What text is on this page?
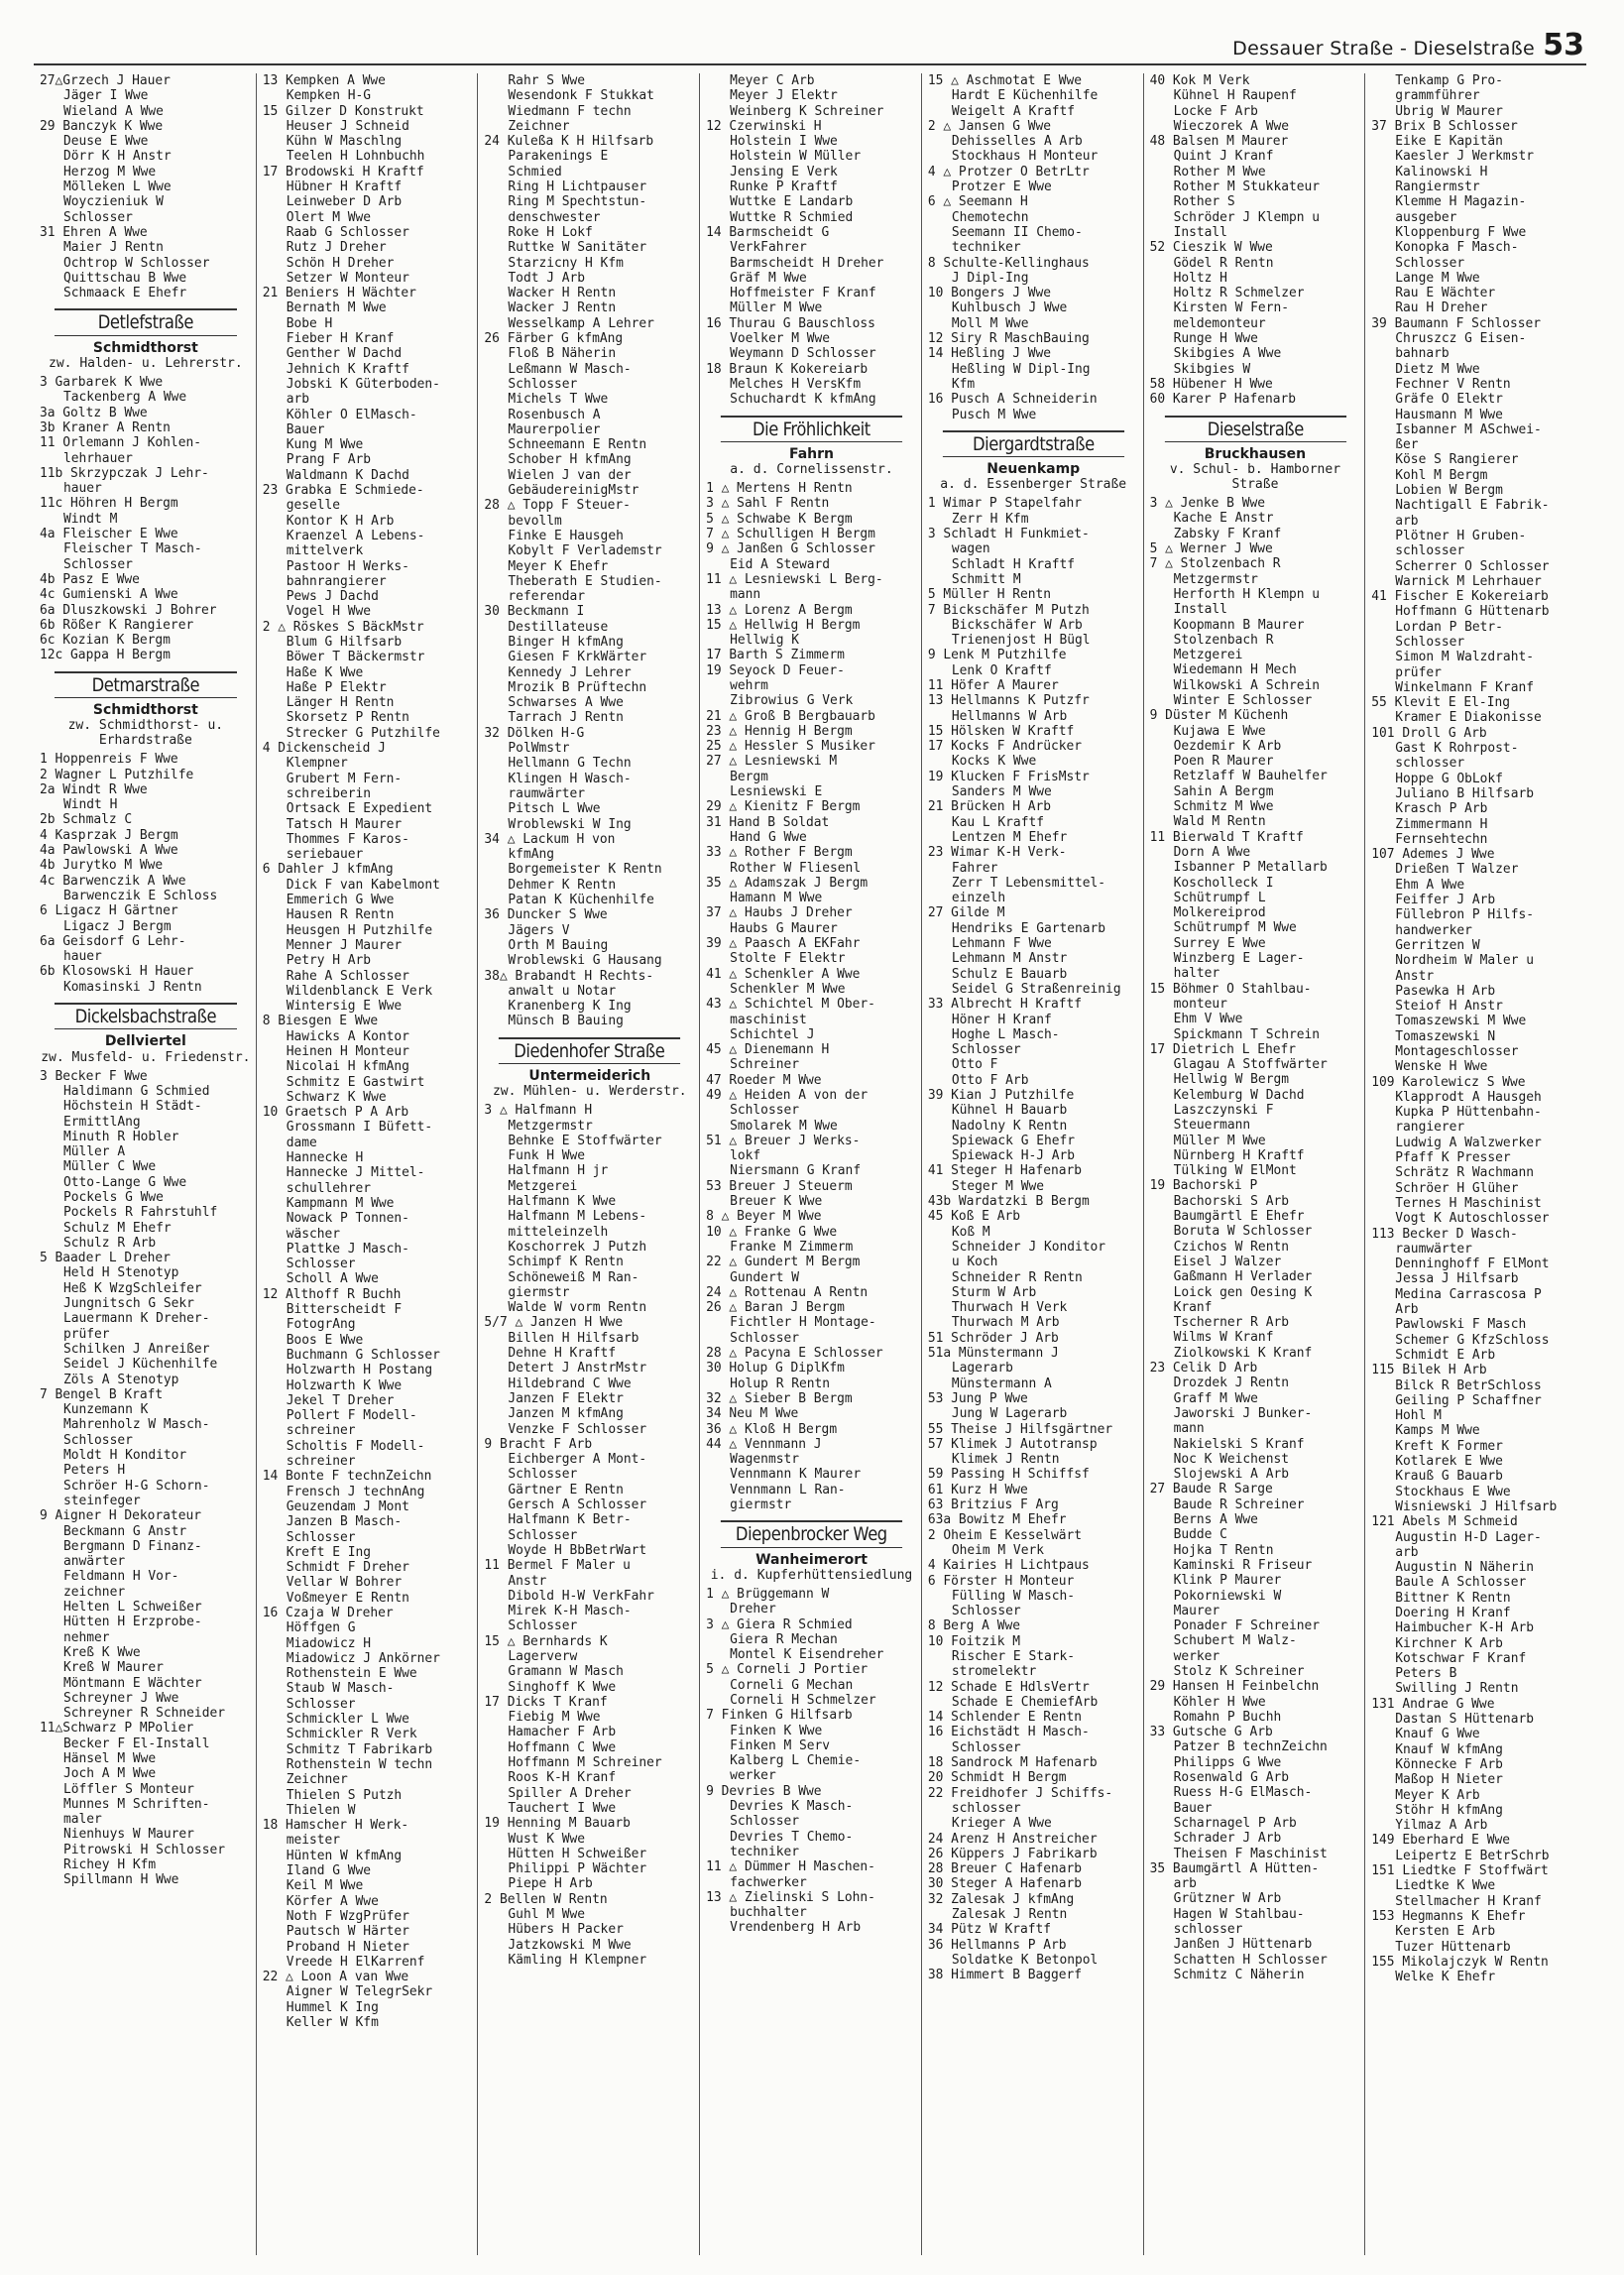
Dessauer Straße - Dieselstraße 53
27△Grzech J Hauer
Jäger I Wwe
Wieland A Wwe
29 Banczyk K Wwe
Deuse E Wwe
Dörr K H Anstr
Herzog M Wwe
Mölleken L Wwe
Woyczieniuk W
Schlosser
31 Ehren A Wwe
Maier J Rentn
Ochtrop W Schlosser
Quittschau B Wwe
Schmaack E Ehefr
Detlefstraße
Schmidthorst
zw. Halden- u. Lehrerstr.
3 Garbarek K Wwe
Tackenberg A Wwe
3a Goltz B Wwe
3b Kraner A Rentn
11 Orlemann J Kohlen-
lehrhauer
11b Skrzypczak J Lehr-
hauer
11c Höhren H Bergm
Windt M
4a Fleischer E Wwe
Fleischer T Masch-
Schlosser
4b Pasz E Wwe
4c Gumienski A Wwe
6a Dluszkowski J Bohrer
6b Rößer K Rangierer
6c Kozian K Bergm
12c Gappa H Bergm
Detmarstraße
Schmidthorst
zw. Schmidthorst- u. Erhardstraße
1 Hoppenreis F Wwe
2 Wagner L Putzhilfe
2a Windt R Wwe
Windt H
2b Schmalz C
4 Kasprzak J Bergm
4a Pawlowski A Wwe
4b Jurytko M Wwe
4c Barwenczik A Wwe
Barwenczik E Schloss
6 Ligacz H Gärtner
Ligacz J Bergm
6a Geisdorf G Lehr-
hauer
6b Klosowski H Hauer
Komasinski J Rentn
Dickelsbachstraße
Dellviertel
zw. Musfeld- u. Friedenstr.
3 Becker F Wwe
Haldimann G Schmied
Höchstein H Städt-
ErmittlAng
Minuth R Hobler
Müller A
Müller C Wwe
Otto-Lange G Wwe
Pockels G Wwe
Pockels R Fahrstuhlf
Schulz M Ehefr
Schulz R Arb
5 Baader L Dreher
Held H Stenotyp
Heß K WzgSchleifer
Jungnitsch G Sekr
Lauermann K Dreher-
prüfer
Schilken J Anreißer
Seidel J Küchenhilfe
Zöls A Stenotyp
7 Bengel B Kraft
Kunzemann K
Mahrenholz W Masch-
Schlosser
Moldt H Konditor
Peters H
Schröer H-G Schorn-
steinfeger
9 Aigner H Dekorateur
Beckmann G Anstr
Bergmann D Finanz-
anwärter
Feldmann H Vor-
zeichner
Helten L Schweißer
Hütten H Erzprobe-
nehmer
Kreß K Wwe
Kreß W Maurer
Möntmann E Wächter
Schreyner J Wwe
Schreyner R Schneider
11△Schwarz P MPolier
Becker F El-Install
Hänsel M Wwe
Joch A M Wwe
Löffler S Monteur
Munnes M Schriften-
maler
Nienhuys W Maurer
Pitrowski H Schlosser
Richey H Kfm
Spillmann H Wwe
13 Kempken A Wwe
Kempken H-G
15 Gilzer D Konstrukt
Heuser J Schneid
Kühn W Maschlng
Teelen H Lohnbuchh
17 Brodowski H Kraftf
Hübner H Kraftf
Leinweber D Arb
Olert M Wwe
Raab G Schlosser
Rutz J Dreher
Schön H Dreher
Setzer W Monteur
21 Beniers H Wächter
Bernath M Wwe
Bobe H
Fieber H Kranf
Genther W Dachd
Jehnich K Kraftf
Jobski K Güterboden-
arb
Köhler O ElMasch-
Bauer
Kung M Wwe
Prang F Arb
Waldmann K Dachd
23 Grabka E Schmiede-
geselle
Kontor K H Arb
Kraenzel A Lebens-
mittelverk
Pastoor H Werks-
bahnrangierer
Pews J Dachd
Vogel H Wwe
2 △ Röskes S BäckMstr
Blum G Hilfsarb
Böwer T Bäckermstr
Haße K Wwe
Haße P Elektr
Länger H Rentn
Skorsetz P Rentn
Strecker G Putzhilfe
4 Dickenscheid J
Klempner
Grubert M Fern-
schreiberin
Ortsack E Expedient
Tatsch H Maurer
Thommes F Karos-
seriebauer
6 Dahler J kfmAng
Dick F van Kabelmont
Emmerich G Wwe
Hausen R Rentn
Heusgen H Putzhilfe
Menner J Maurer
Petry H Arb
Rahe A Schlosser
Wildenblanck E Verk
Wintersig E Wwe
8 Biesgen E Wwe
Hawicks A Kontor
Heinen H Monteur
Nicolai H kfmAng
Schmitz E Gastwirt
Schwarz K Wwe
10 Graetsch P A Arb
Grossmann I Büfett-
dame
Hannecke H
Hannecke J Mittel-
schullehrer
Kampmann M Wwe
Nowack P Tonnen-
wäscher
Plattke J Masch-
Schlosser
Scholl A Wwe
12 Althoff R Buchh
Bitterscheidt F
FotogrAng
Boos E Wwe
Buchmann G Schlosser
Holzwarth H Postang
Holzwarth K Wwe
Jekel T Dreher
Pollert F Modell-
schreiner
Scholtis F Modell-
schreiner
14 Bonte F technZeichn
Frensch J technAng
Geuzendam J Mont
Janzen B Masch-
Schlosser
Kreft E Ing
Schmidt F Dreher
Vellar W Bohrer
Voßmeyer E Rentn
16 Czaja W Dreher
Höffgen G
Miadowicz H
Miadowicz J Ankörner
Rothenstein E Wwe
Staub W Masch-
Schlosser
Schmickler L Wwe
Schmickler R Verk
Schmitz T Fabrikarb
Rothenstein W techn
Zeichner
Thielen S Putzh
Thielen W
18 Hamscher H Werk-
meister
Hünten W kfmAng
Iland G Wwe
Keil M Wwe
Körfer A Wwe
Noth F WzgPrüfer
Pautsch W Härter
Proband H Nieter
Vreede H ElKarrenf
22 △ Loon A van Wwe
Aigner W TelegrSekr
Hummel K Ing
Keller W Kfm
Rahr S Wwe
Wesendonk F Stukkat
Wiedmann F techn
Zeichner
24 Kuleßa K H Hilfsarb
Parakenings E
Schmied
Ring H Lichtpauser
Ring M Spechtstun-
denschwester
Roke H Lokf
Ruttke W Sanitäter
Starzicny H Kfm
Todt J Arb
Wacker H Rentn
Wacker J Rentn
Wesselkamp A Lehrer
26 Färber G kfmAng
Floß B Näherin
Leßmann W Masch-
Schlosser
Michels T Wwe
Rosenbusch A
Maurerpolier
Schneemann E Rentn
Schober H kfmAng
Wielen J van der
GebäudereinigMstr
28 △ Topp F Steuer-
bevollm
Finke E Hausgeh
Kobylt F Verlademstr
Meyer K Ehefr
Theberath E Studien-
referendar
30 Beckmann I
Destillateuse
Binger H kfmAng
Giesen F KrkWärter
Kennedy J Lehrer
Mrozik B Prüftechn
Schwarses A Wwe
Tarrach J Rentn
32 Dölken H-G
PolWmstr
Hellmann G Techn
Klingen H Wasch-
raumwärter
Pitsch L Wwe
Wroblewski W Ing
34 △ Lackum H von
kfmAng
Borgemeister K Rentn
Dehmer K Rentn
Patan K Küchenhilfe
36 Duncker S Wwe
Jägers V
Orth M Bauing
Wroblewski G Hausang
38△ Brabandt H Rechts-
anwalt u Notar
Kranenberg K Ing
Münsch B Bauing
Diedenhofer Straße
Untermeiderich
zw. Mühlen- u. Werderstr.
3 △ Halfmann H
Metzgermstr
Behnke E Stoffwärter
Funk H Wwe
Halfmann H jr
Metzgerei
Halfmann K Wwe
Halfmann M Lebens-
mitteleinzelh
Koschorrek J Putzh
Schimpf K Rentn
Schöneweiß M Ran-
giermstr
Walde W vorm Rentn
5/7 △ Janzen H Wwe
Billen H Hilfsarb
Dehne H Kraftf
Detert J AnstrMstr
Hildebrand C Wwe
Janzen F Elektr
Janzen M kfmAng
Venzke F Schlosser
9 Bracht F Arb
Eichberger A Mont-
Schlosser
Gärtner E Rentn
Gersch A Schlosser
Halfmann K Betr-
Schlosser
Woyde H BbBetrWart
11 Bermel F Maler u
Anstr
Dibold H-W VerkFahr
Mirek K-H Masch-
Schlosser
15 △ Bernhards K
Lagerverw
Gramann W Masch
Singhoff K Wwe
17 Dicks T Kranf
Fiebig M Wwe
Hamacher F Arb
Hoffmann C Wwe
Hoffmann M Schreiner
Roos K-H Kranf
Spiller A Dreher
Tauchert I Wwe
19 Henning M Bauarb
Wust K Wwe
Hütten H Schweißer
Philippi P Wächter
Piepe H Arb
2 Bellen W Rentn
Guhl M Wwe
Hübers H Packer
Jatzkowski M Wwe
Kämling H Klempner
Meyer C Arb
Meyer J Elektr
Weinberg K Schreiner
12 Czerwinski H
Holstein I Wwe
Holstein W Müller
Jensing E Verk
Runke P Kraftf
Wuttke E Landarb
Wuttke R Schmied
14 Barmscheidt G
VerkFahrer
Barmscheidt H Dreher
Gräf M Wwe
Hoffmeister F Kranf
Müller M Wwe
16 Thurau G Bauschloss
Voelker M Wwe
Weymann D Schlosser
18 Braun K Kokereiarb
Melches H VersKfm
Schuchardt K kfmAng
Die Fröhlichkeit
Fahrn
a. d. Cornelissenstr.
1 △ Mertens H Rentn
3 △ Sahl F Rentn
5 △ Schwabe K Bergm
7 △ Schulligen H Bergm
9 △ Janßen G Schlosser
Eid A Steward
11 △ Lesniewski L Berg-
mann
13 △ Lorenz A Bergm
15 △ Hellwig H Bergm
Hellwig K
17 Barth S Zimmerm
19 Seyock D Feuer-
wehrm
Zibrowius G Verk
21 △ Groß B Bergbauarb
23 △ Hennig H Bergm
25 △ Hessler S Musiker
27 △ Lesniewski M
Bergm
Lesniewski E
29 △ Kienitz F Bergm
31 Hand B Soldat
Hand G Wwe
33 △ Rother F Bergm
Rother W Fliesenl
35 △ Adamszak J Bergm
Hamann M Wwe
37 △ Haubs J Dreher
Haubs G Maurer
39 △ Paasch A EKFahr
Stolte F Elektr
41 △ Schenkler A Wwe
Schenkler M Wwe
43 △ Schichtel M Ober-
maschinist
Schichtel J
45 △ Dienemann H
Schreiner
47 Roeder M Wwe
49 △ Heiden A von der
Schlosser
Smolarek M Wwe
51 △ Breuer J Werks-
lokf
Niersmann G Kranf
53 Breuer J Steuerm
Breuer K Wwe
8 △ Beyer M Wwe
10 △ Franke G Wwe
Franke M Zimmerm
22 △ Gundert M Bergm
Gundert W
24 △ Rottenau A Rentn
26 △ Baran J Bergm
Fichtler H Montage-
Schlosser
28 △ Pacyna E Schlosser
30 Holup G DiplKfm
Holup R Rentn
32 △ Sieber B Bergm
34 Neu M Wwe
36 △ Kloß H Bergm
44 △ Vennmann J
Wagenmstr
Vennmann K Maurer
Vennmann L Ran-
giermstr
Diepenbrocker Weg
Wanheimerort
i. d. Kupferhüttensiedlung
1 △ Brüggemann W
Dreher
3 △ Giera R Schmied
Giera R Mechan
Montel K Eisendreher
5 △ Corneli J Portier
Corneli G Mechan
Corneli H Schmelzer
7 Finken G Hilfsarb
Finken K Wwe
Finken M Serv
Kalberg L Chemie-
werker
9 Devries B Wwe
Devries K Masch-
Schlosser
Devries T Chemo-
techniker
11 △ Dümmer H Maschen-
fachwerker
13 △ Zielinski S Lohn-
buchhalter
Vrendenberg H Arb
15 △ Aschmotat E Wwe
Hardt E Küchenhilfe
Weigelt A Kraftf
2 △ Jansen G Wwe
Dehisselles A Arb
Stockhaus H Monteur
4 △ Protzer O BetrLtr
Protzer E Wwe
6 △ Seemann H
Chemotechn
Seemann II Chemo-
techniker
8 Schulte-Kellinghaus
J Dipl-Ing
10 Bongers J Wwe
Kuhlbusch J Wwe
Moll M Wwe
12 Siry R MaschBauing
14 Heßling J Wwe
Heßling W Dipl-Ing
Kfm
16 Pusch A Schneiderin
Pusch M Wwe
Diergardtstraße
Neuenkamp
a. d. Essenberger Straße
1 Wimar P Stapelfahr
Zerr H Kfm
3 Schladt H Funkmiet-
wagen
Schladt H Kraftf
Schmitt M
5 Müller H Rentn
7 Bickschäfer M Putzh
Bickschäfer W Arb
Trienenjost H Bügl
9 Lenk M Putzhilfe
Lenk O Kraftf
11 Höfer A Maurer
13 Hellmanns K Putzfr
Hellmanns W Arb
15 Hölsken W Kraftf
17 Kocks F Andrücker
Kocks K Wwe
19 Klucken F FrisMstr
Sanders M Wwe
21 Brücken H Arb
Kau L Kraftf
Lentzen M Ehefr
23 Wimar K-H Verk-
Fahrer
Zerr T Lebensmittel-
einzelh
27 Gilde M
Hendriks E Gartenarb
Lehmann F Wwe
Lehmann M Anstr
Schulz E Bauarb
Seidel G Straßenreinig
33 Albrecht H Kraftf
Höner H Kranf
Hoghe L Masch-
Schlosser
Otto F
Otto F Arb
39 Kian J Putzhilfe
Kühnel H Bauarb
Nadolny K Rentn
Spiewack G Ehefr
Spiewack H-J Arb
41 Steger H Hafenarb
Steger M Wwe
43b Wardatzki B Bergm
45 Koß E Arb
Koß M
Schneider J Konditor
u Koch
Schneider R Rentn
Sturm W Arb
Thurwach H Verk
Thurwach M Arb
51 Schröder J Arb
51a Münstermann J
Lagerarb
Münstermann A
53 Jung P Wwe
Jung W Lagerarb
55 Theise J Hilfsgärtner
57 Klimek J Autotransp
Klimek J Rentn
59 Passing H Schiffsf
61 Kurz H Wwe
63 Britzius F Arg
63a Bowitz M Ehefr
2 Oheim E Kesselwärt
Oheim M Verk
4 Kairies H Lichtpaus
6 Förster H Monteur
Fülling W Masch-
Schlosser
8 Berg A Wwe
10 Foitzik M
Rischer E Stark-
stromelektr
12 Schade E HdlsVertr
Schade E ChemiefArb
14 Schlender E Rentn
16 Eichstädt H Masch-
Schlosser
18 Sandrock M Hafenarb
20 Schmidt H Bergm
22 Freidhofer J Schiffs-
schlosser
Krieger A Wwe
24 Arenz H Anstreicher
26 Küppers J Fabrikarb
28 Breuer C Hafenarb
30 Steger A Hafenarb
32 Zalesak J kfmAng
Zalesak J Rentn
34 Pütz W Kraftf
36 Hellmanns P Arb
Soldatke K Betonpol
38 Himmert B Baggerf
40 Kok M Verk
Kühnel H Raupenf
Locke F Arb
Wieczorek A Wwe
48 Balsen M Maurer
Quint J Kranf
Rother M Wwe
Rother M Stukkateur
Rother S
Schröder J Klempn u
Install
52 Cieszik W Wwe
Gödel R Rentn
Holtz H
Holtz R Schmelzer
Kirsten W Fern-
meldemonteur
Runge H Wwe
Skibgies A Wwe
Skibgies W
58 Hübener H Wwe
60 Karer P Hafenarb
Dieselstraße
Bruckhausen
v. Schul- b. Hamborner Straße
3 △ Jenke B Wwe
Kache E Anstr
Zabsky F Kranf
5 △ Werner J Wwe
7 △ Stolzenbach R
Metzgermstr
Herforth H Klempn u
Install
Koopmann B Maurer
Stolzenbach R
Metzgerei
Wiedemann H Mech
Wilkowski A Schrein
Winter E Schlosser
9 Düster M Küchenh
Kujawa E Wwe
Oezdemir K Arb
Poen R Maurer
Retzlaff W Bauhelfer
Sahin A Bergm
Schmitz M Wwe
Wald M Rentn
11 Bierwald T Kraftf
Dorn A Wwe
Isbanner P Metallarb
Koscholleck I
Schütrumpf L
Molkereiprod
Schütrumpf M Wwe
Surrey E Wwe
Winzberg E Lager-
halter
15 Böhmer O Stahlbau-
monteur
Ehm V Wwe
Spickmann T Schrein
17 Dietrich L Ehefr
Glagau A Stoffwärter
Hellwig W Bergm
Kelemburg W Dachd
Laszczynski F
Steuermann
Müller M Wwe
Nürnberg H Kraftf
Tülking W ElMont
19 Bachorski P
Bachorski S Arb
Baumgärtl E Ehefr
Boruta W Schlosser
Czichos W Rentn
Eisel J Walzer
Gaßmann H Verlader
Loick gen Oesing K
Kranf
Tscherner R Arb
Wilms W Kranf
Ziolkowski K Kranf
23 Celik D Arb
Drozdek J Rentn
Graff M Wwe
Jaworski J Bunker-
mann
Nakielski S Kranf
Noc K Weichenst
Slojewski A Arb
27 Baude R Sarge
Baude R Schreiner
Berns A Wwe
Budde C
Hojka T Rentn
Kaminski R Friseur
Klink P Maurer
Pokorniewski W
Maurer
Ponader F Schreiner
Schubert M Walz-
werker
Stolz K Schreiner
29 Hansen H Feinbelchn
Köhler H Wwe
Romahn P Buchh
33 Gutsche G Arb
Patzer B technZeichn
Philipps G Wwe
Rosenwald G Arb
Ruess H-G ElMasch-
Bauer
Scharnagel P Arb
Schrader J Arb
Theisen F Maschinist
35 Baumgärtl A Hütten-
arb
Grützner W Arb
Hagen W Stahlbau-
schlosser
Janßen J Hüttenarb
Schatten H Schlosser
Schmitz C Näherin
Tenkamp G Pro-
grammführer
Ubrig W Maurer
37 Brix B Schlosser
Eike E Kapitän
Kaesler J Werkmstr
Kalinowski H
Rangiermstr
Klemme H Magazin-
ausgeber
Kloppenburg F Wwe
Konopka F Masch-
Schlosser
Lange M Wwe
Rau E Wächter
Rau H Dreher
39 Baumann F Schlosser
Chruszcz G Eisen-
bahnarb
Dietz M Wwe
Fechner V Rentn
Gräfe O Elektr
Hausmann M Wwe
Isbanner M ASchwei-
ßer
Köse S Rangierer
Kohl M Bergm
Lobien W Bergm
Nachtigall E Fabrik-
arb
Plötner H Gruben-
schlosser
Scherrer O Schlosser
Warnick M Lehrhauer
41 Fischer E Kokereiarb
Hoffmann G Hüttenarb
Lordan P Betr-
Schlosser
Simon M Walzdraht-
prüfer
Winkelmann F Kranf
55 Klevit E El-Ing
Kramer E Diakonisse
101 Droll G Arb
Gast K Rohrpost-
schlosser
Hoppe G ObLokf
Juliano B Hilfsarb
Krasch P Arb
Zimmermann H
Fernsehtechn
107 Ademes J Wwe
Drießen T Walzer
Ehm A Wwe
Feiffer J Arb
Füllebron P Hilfs-
handwerker
Gerritzen W
Nordheim W Maler u
Anstr
Pasewka H Arb
Steiof H Anstr
Tomaszewski M Wwe
Tomaszewski N
Montageschlosser
Wenske H Wwe
109 Karolewicz S Wwe
Klapprodt A Hausgeh
Kupka P Hüttenbahn-
rangierer
Ludwig A Walzwerker
Pfaff K Presser
Schrätz R Wachmann
Schröer H Glüher
Ternes H Maschinist
Vogt K Autoschlosser
113 Becker D Wasch-
raumwärter
Denninghoff F ElMont
Jessa J Hilfsarb
Medina Carrascosa P
Arb
Pawlowski F Masch
Schemer G KfzSchloss
Schmidt E Arb
115 Bilek H Arb
Bilck R BetrSchloss
Geiling P Schaffner
Hohl M
Kamps M Wwe
Kreft K Former
Kotlarek E Wwe
Krauß G Bauarb
Stockhaus E Wwe
Wisniewski J Hilfsarb
121 Abels M Schmeid
Augustin H-D Lager-
arb
Augustin N Näherin
Baule A Schlosser
Bittner K Rentn
Doering H Kranf
Haimbucher K-H Arb
Kirchner K Arb
Kotschwar F Kranf
Peters B
Swilling J Rentn
131 Andrae G Wwe
Dastan S Hüttenarb
Knauf G Wwe
Knauf W kfmAng
Könnecke F Arb
Maßop H Nieter
Meyer K Arb
Stöhr H kfmAng
Yilmaz A Arb
149 Eberhard E Wwe
Leipertz E BetrSchrb
151 Liedtke F Stoffwärt
Liedtke K Wwe
Stellmacher H Kranf
153 Hegmanns K Ehefr
Kersten E Arb
Tuzer Hüttenarb
155 Mikolajczyk W Rentn
Welke K Ehefr
